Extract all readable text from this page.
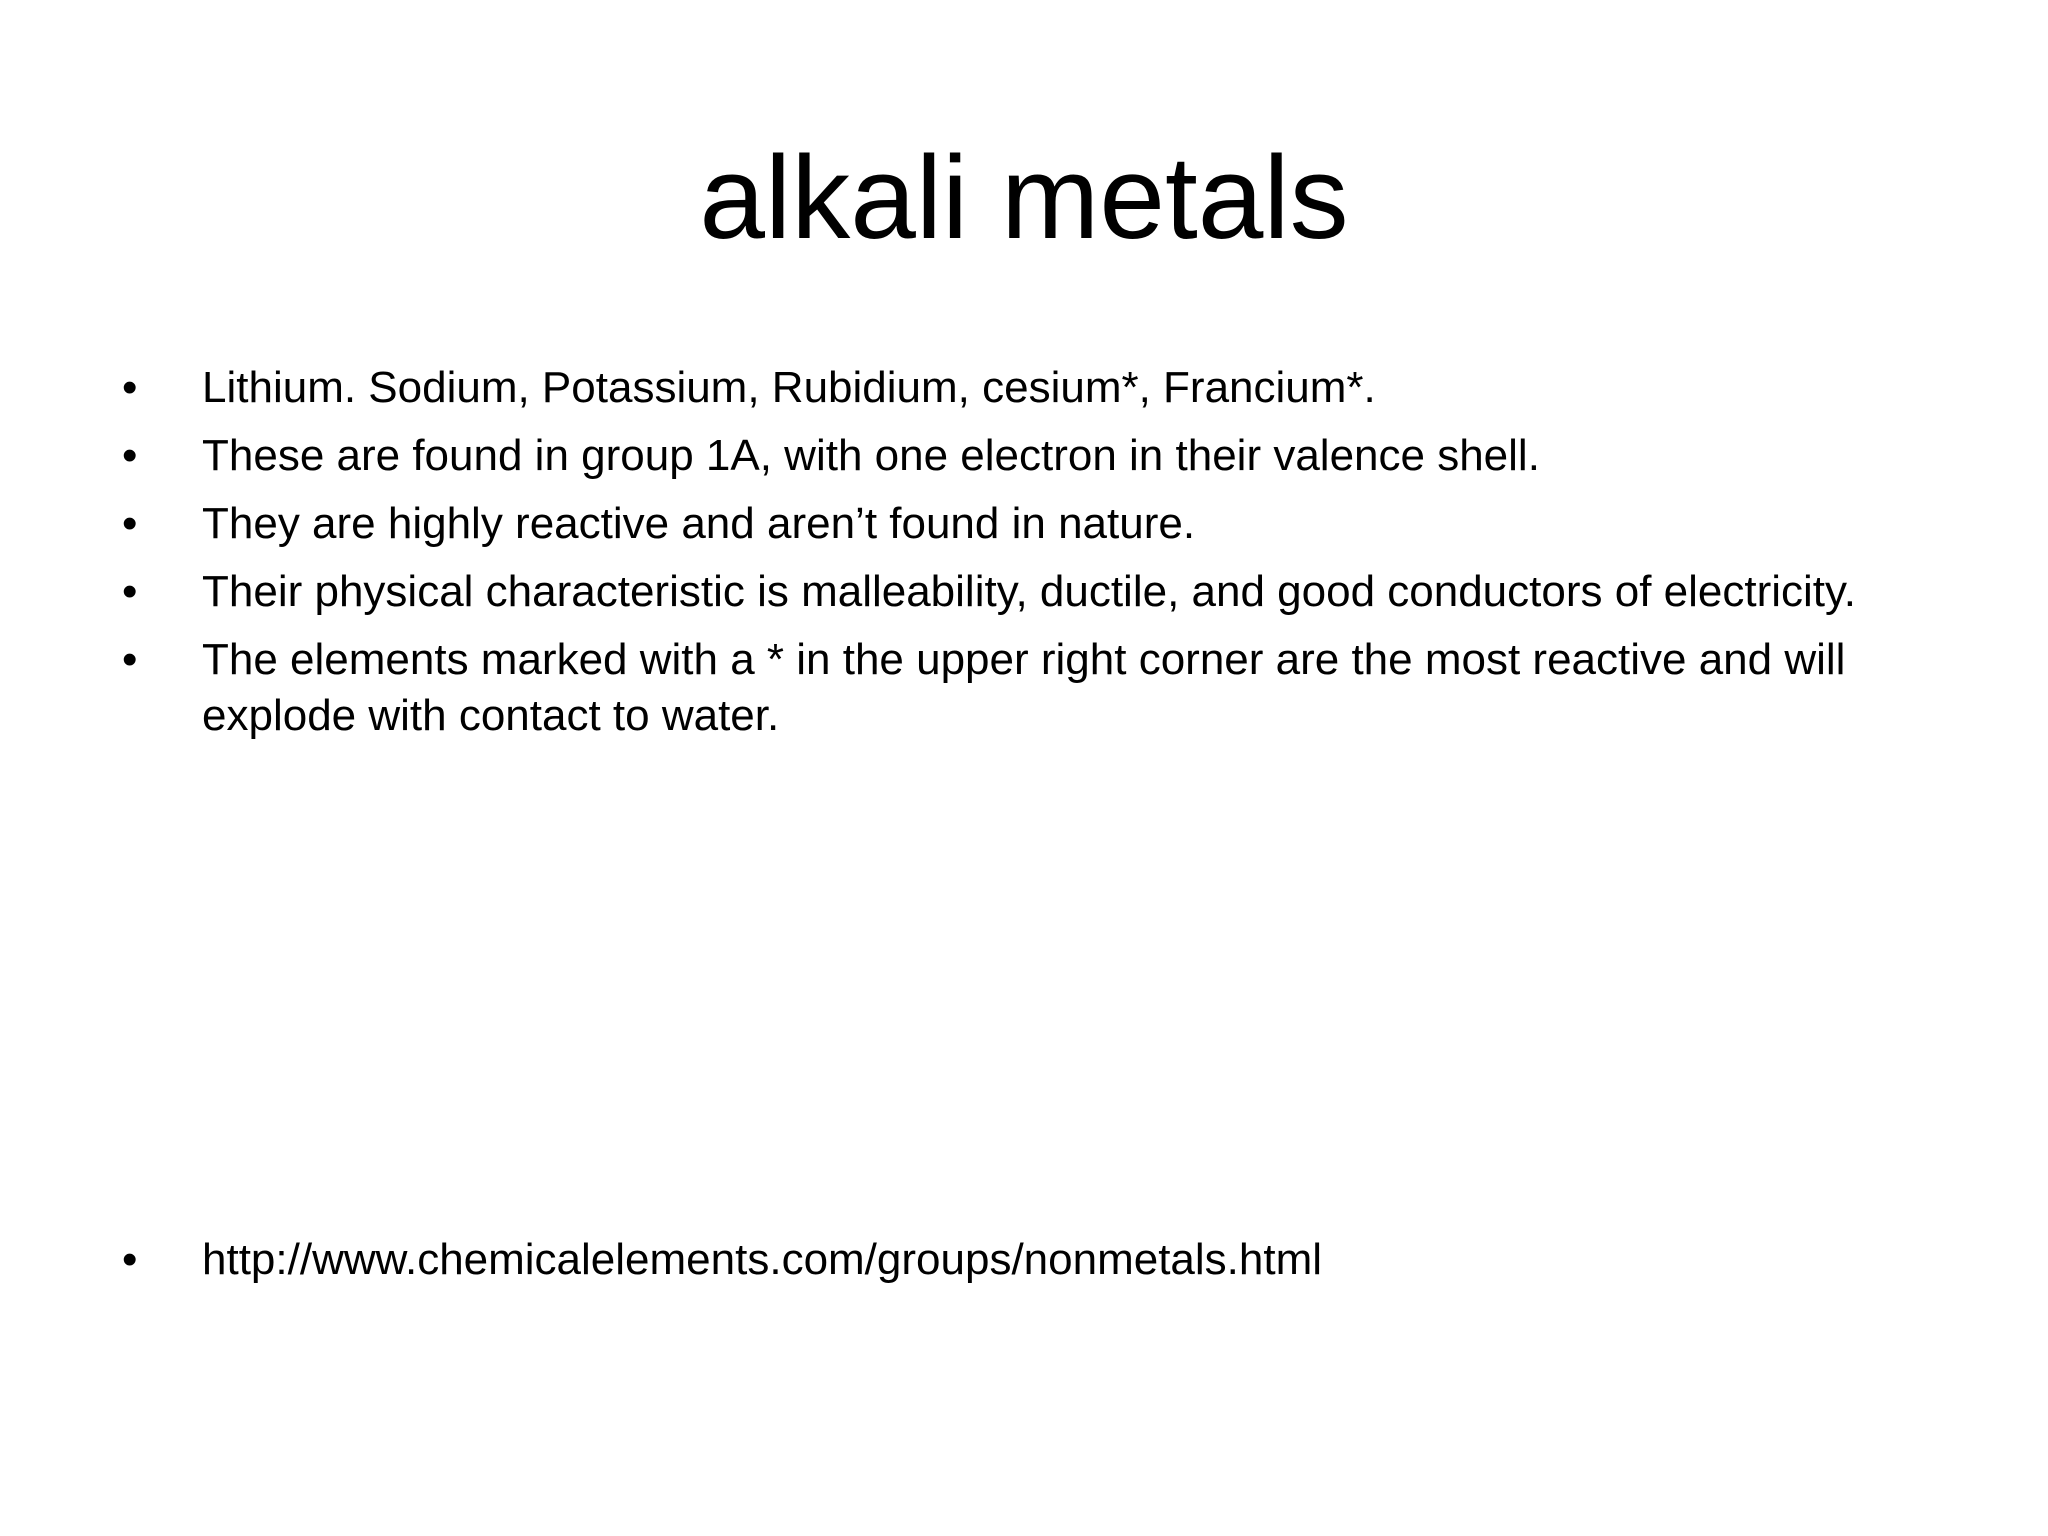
alkali metals
• Lithium. Sodium, Potassium, Rubidium, cesium*, Francium*.
• These are found in group 1A, with one electron in their valence shell.
• They are highly reactive and aren’t found in nature.
• Their physical characteristic is malleability, ductile, and good conductors of electricity.
• The elements marked with a * in the upper right corner are the most reactive and will explode with contact to water.
• http://www.chemicalelements.com/groups/nonmetals.html
